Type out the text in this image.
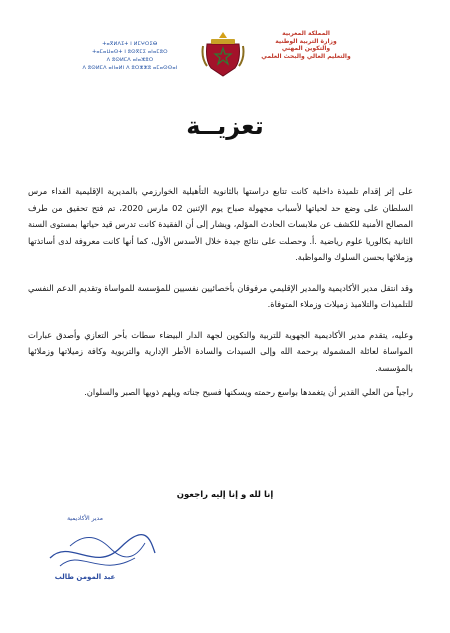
ⵜⴰⴳⵍⴷⵉⵜ ⵏ ⵍⵎⵖⵔⵉⴱ
ⵜⴰⵎⴰⵡⴰⵙⵜ ⵏ ⵓⵙⴳⵎⵉ ⴰⵏⴰⵎⵓⵔ
ⴷ ⵓⵙⵍⵎⴷ ⴰⵏⴰⵣⵓⵔ
ⴷ ⵓⵙⵍⵎⴷ ⴰⵏⵏⴰⵍⵏ ⴷ ⵓⵔⵣⵣⵓ ⴰⵎⴰⵙⵙⴰⵏ
المملكة المغربية
وزارة التربية الوطنية
والتكوين المهني
والتعليم العالي والبحث العلمي
تعزيــة

على إثر إقدام تلميذة داخلية كانت تتابع دراستها بالثانوية التأهيلية الخوارزمي بالمديرية الإقليمية الفداء مرس السلطان على وضع حد لحياتها لأسباب مجهولة صباح يوم الإثنين 02 مارس 2020، تم فتح تحقيق من طرف المصالح الأمنية للكشف عن ملابسات الحادث المؤلم، ويشار إلى أن الفقيدة كانت تدرس قيد حياتها بمستوى السنة الثانية بكالوريا علوم رياضية .أ. وحصلت على نتائج جيدة خلال الأسدس الأول، كما أنها كانت معروفة لدى أساتذتها وزملائها بحسن السلوك والمواظبة.

وقد انتقل مدير الأكاديمية والمدير الإقليمي مرفوقان بأخصائيين نفسيين للمؤسسة للمواساة وتقديم الدعم النفسي للتلميذات والتلاميذ زميلات وزملاء المتوفاة.

وعليه، يتقدم مدير الأكاديمية الجهوية للتربية والتكوين لجهة الدار البيضاء سطات بأحر التعازي وأصدق عبارات المواساة لعائلة المشمولة برحمة الله وإلى السيدات والسادة الأطر الإدارية والتربوية وكافة زميلاتها وزملائها بالمؤسسة.

راجياً من العلي القدير أن يتغمدها بواسع رحمته ويسكنها فسيح جناته ويلهم ذويها الصبر والسلوان.

إنا لله و إنا إليه راجعون
مدير الأكاديمية
عبد المومن طالب
